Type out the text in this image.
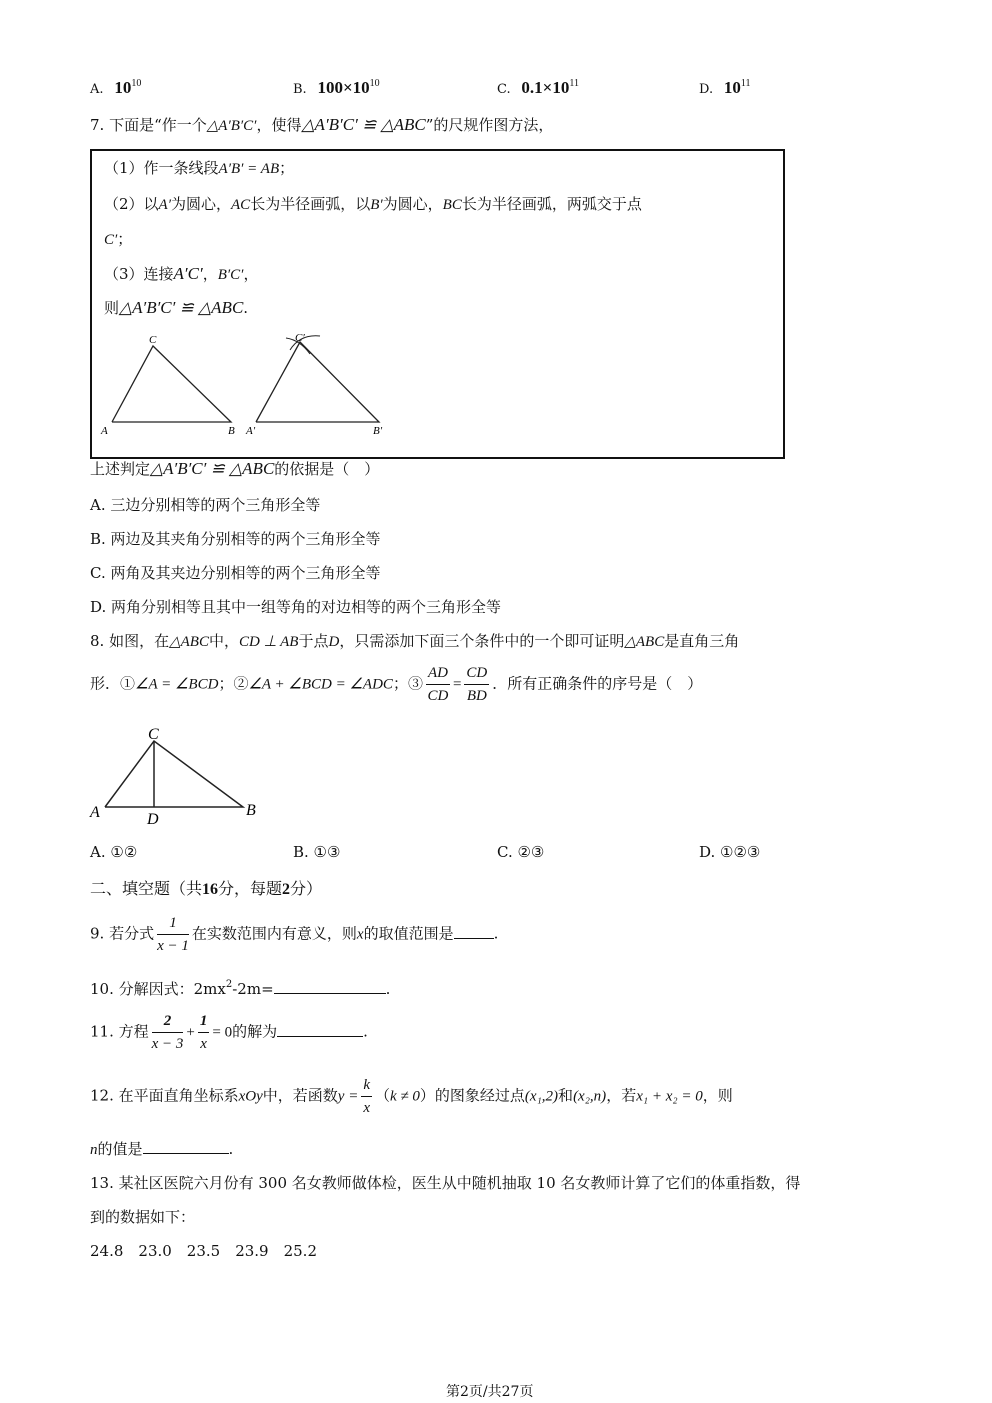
A. $10^{10}$	B. $100\times 10^{10}$	C. $0.1\times 10^{11}$	D. $10^{11}$
7. 下面是“作一个△A′B′C′，使得△A′B′C′ ≌ △ABC”的尺规作图方法，
（1）作一条线段A′B′ = AB；
（2）以A′为圆心，AC长为半径画弧，以B′为圆心，BC长为半径画弧，两弧交于点
C′；
（3）连接A′C′，B′C′，
则△A′B′C′ ≌ △ABC.
C
A	B
C′
A′	B′
上述判定△A′B′C′ ≌ △ABC的依据是（　）
A. 三边分别相等的两个三角形全等
B. 两边及其夹角分别相等的两个三角形全等
C. 两角及其夹边分别相等的两个三角形全等
D. 两角分别相等且其中一组等角的对边相等的两个三角形全等
8. 如图，在△ABC中，CD ⊥ AB于点D，只需添加下面三个条件中的一个即可证明△ABC是直角三角
形．①∠A = ∠BCD；②∠A + ∠BCD = ∠ADC；③ $\frac{AD}{CD} = \frac{CD}{BD}$ ．所有正确条件的序号是（　）
C
A	B
D
A. ①②	B. ①③	C. ②③	D. ①②③
二、填空题（共16分，每题2分）
9. 若分式 $\frac{1}{x - 1}$ 在实数范围内有意义，则x的取值范围是	.
10. 分解因式：$2mx^2-2m=$	.
11. 方程 $\frac{2}{x - 3} + \frac{1}{x} = 0$的解为	.
12. 在平面直角坐标系xOy中，若函数$y = \frac{k}{x} (k \ne 0)$的图象经过点(x₁,2)和(x₂,n)，若x₁ + x₂ = 0，则
n的值是	.
13. 某社区医院六月份有 300 名女教师做体检，医生从中随机抽取 10 名女教师计算了它们的体重指数，得
到的数据如下：
24.8　23.0　23.5　23.9　25.2
第2页/共27页
